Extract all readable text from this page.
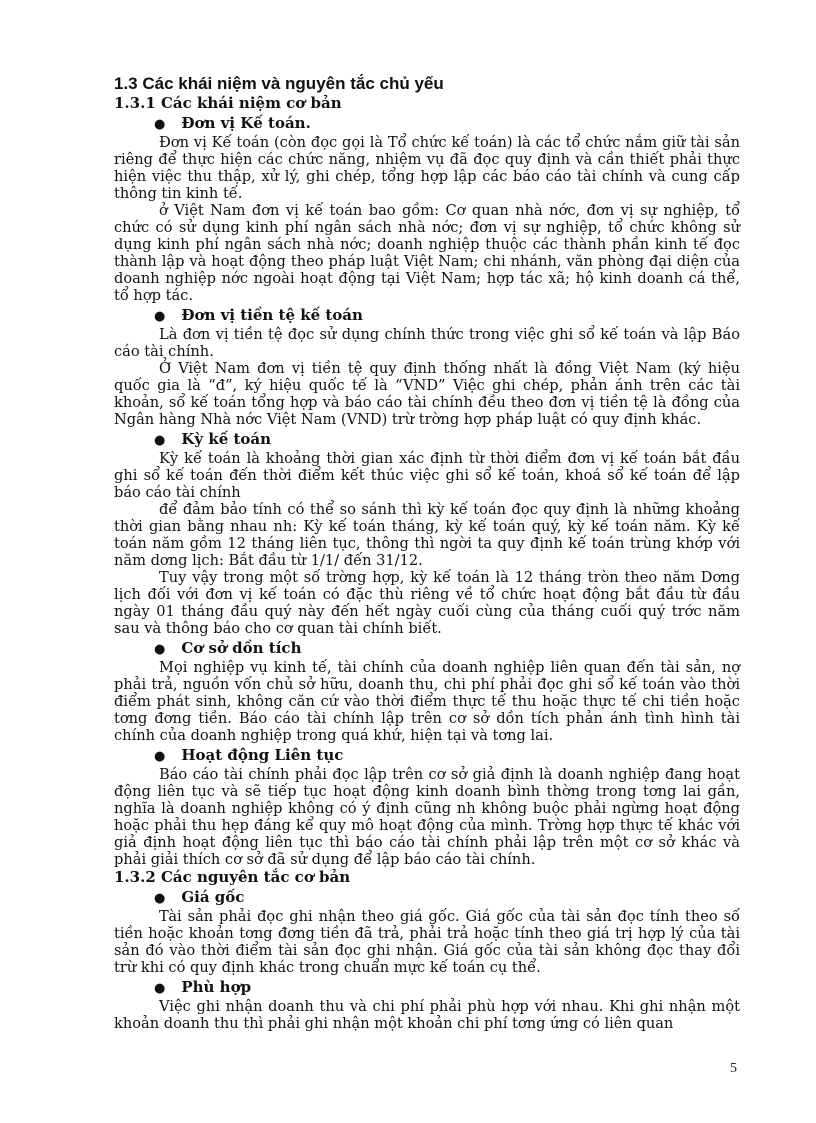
1.3 Các khái niệm và nguyên tắc chủ yếu
1.3.1 Các khái niệm cơ bản
● Đơn vị Kế toán.

Đơn vị Kế toán (còn đọc gọi là Tổ chức kế toán) là các tổ chức nắm giữ tài sản riêng để thực hiện các chức năng, nhiệm vụ đã đọc quy định và cần thiết phải thực hiện việc thu thập, xử lý, ghi chép, tổng hợp lập các báo cáo tài chính và cung cấp thông tin kinh tế.

ở Việt Nam đơn vị kế toán bao gồm: Cơ quan nhà nớc, đơn vị sự nghiệp, tổ chức có sử dụng kinh phí ngân sách nhà nớc; đơn vị sự nghiệp, tổ chức không sử dụng kinh phí ngân sách nhà nớc; doanh nghiệp thuộc các thành phần kinh tế đọc thành lập và hoạt động theo pháp luật Việt Nam; chi nhánh, văn phòng đại diện của doanh nghiệp nớc ngoài hoạt động tại Việt Nam; hợp tác xã; hộ kinh doanh cá thể, tổ hợp tác.

● Đơn vị tiền tệ kế toán

Là đơn vị tiền tệ đọc sử dụng chính thức trong việc ghi sổ kế toán và lập Báo cáo tài chính.

Ở Việt Nam đơn vị tiền tệ quy định thống nhất là đồng Việt Nam (ký hiệu quốc gia là “đ”, ký hiệu quốc tế là “VND” Việc ghi chép, phản ánh trên các tài khoản, sổ kế toán tổng hợp và báo cáo tài chính đều theo đơn vị tiền tệ là đồng của Ngân hàng Nhà nớc Việt Nam (VND) trừ trờng hợp pháp luật có quy định khác.

● Kỳ kế toán

Kỳ kế toán là khoảng thời gian xác định từ thời điểm đơn vị kế toán bắt đầu ghi sổ kế toán đến thời điểm kết thúc việc ghi sổ kế toán, khoá sổ kế toán để lập báo cáo tài chính

để đảm bảo tính có thể so sánh thì kỳ kế toán đọc quy định là những khoảng thời gian bằng nhau nh: Kỳ kế toán tháng, kỳ kế toán quý, kỳ kế toán năm. Kỳ kế toán năm gồm 12 tháng liên tục, thông thì ngời ta quy định kế toán trùng khớp với năm dơng lịch: Bắt đầu từ 1/1/ đến 31/12.

Tuy vậy trong một số trờng hợp, kỳ kế toán là 12 tháng tròn theo năm Dơng lịch đối với đơn vị kế toán có đặc thù riêng về tổ chức hoạt động bắt đầu từ đầu ngày 01 tháng đầu quý này đến hết ngày cuối cùng của tháng cuối quý trớc năm sau và thông báo cho cơ quan tài chính biết.

● Cơ sở dồn tích

Mọi nghiệp vụ kinh tế, tài chính của doanh nghiệp liên quan đến tài sản, nợ phải trả, nguồn vốn chủ sở hữu, doanh thu, chi phí phải đọc ghi sổ kế toán vào thời điểm phát sinh, không căn cứ vào thời điểm thực tế thu hoặc thực tế chi tiền hoặc tơng đơng tiền. Báo cáo tài chính lập trên cơ sở dồn tích phản ánh tình hình tài chính của doanh nghiệp trong quá khứ, hiện tại và tơng lai.

● Hoạt động Liên tục

Báo cáo tài chính phải đọc lập trên cơ sở giả định là doanh nghiệp đang hoạt động liên tục và sẽ tiếp tục hoạt động kinh doanh bình thờng trong tơng lai gần, nghĩa là doanh nghiệp không có ý định cũng nh không buộc phải ngừng hoạt động hoặc phải thu hẹp đáng kể quy mô hoạt động của mình. Trờng hợp thực tế khác với giả định hoạt động liên tục thì báo cáo tài chính phải lập trên một cơ sở khác và phải giải thích cơ sở đã sử dụng để lập báo cáo tài chính.

1.3.2 Các nguyên tắc cơ bản
● Giá gốc

Tài sản phải đọc ghi nhận theo giá gốc. Giá gốc của tài sản đọc tính theo số tiền hoặc khoản tơng đơng tiền đã trả, phải trả hoặc tính theo giá trị hợp lý của tài sản đó vào thời điểm tài sản đọc ghi nhận. Giá gốc của tài sản không đọc thay đổi trừ khi có quy định khác trong chuẩn mực kế toán cụ thể.

● Phù hợp

Việc ghi nhận doanh thu và chi phí phải phù hợp với nhau. Khi ghi nhận một khoản doanh thu thì phải ghi nhận một khoản chi phí tơng ứng có liên quan

5
